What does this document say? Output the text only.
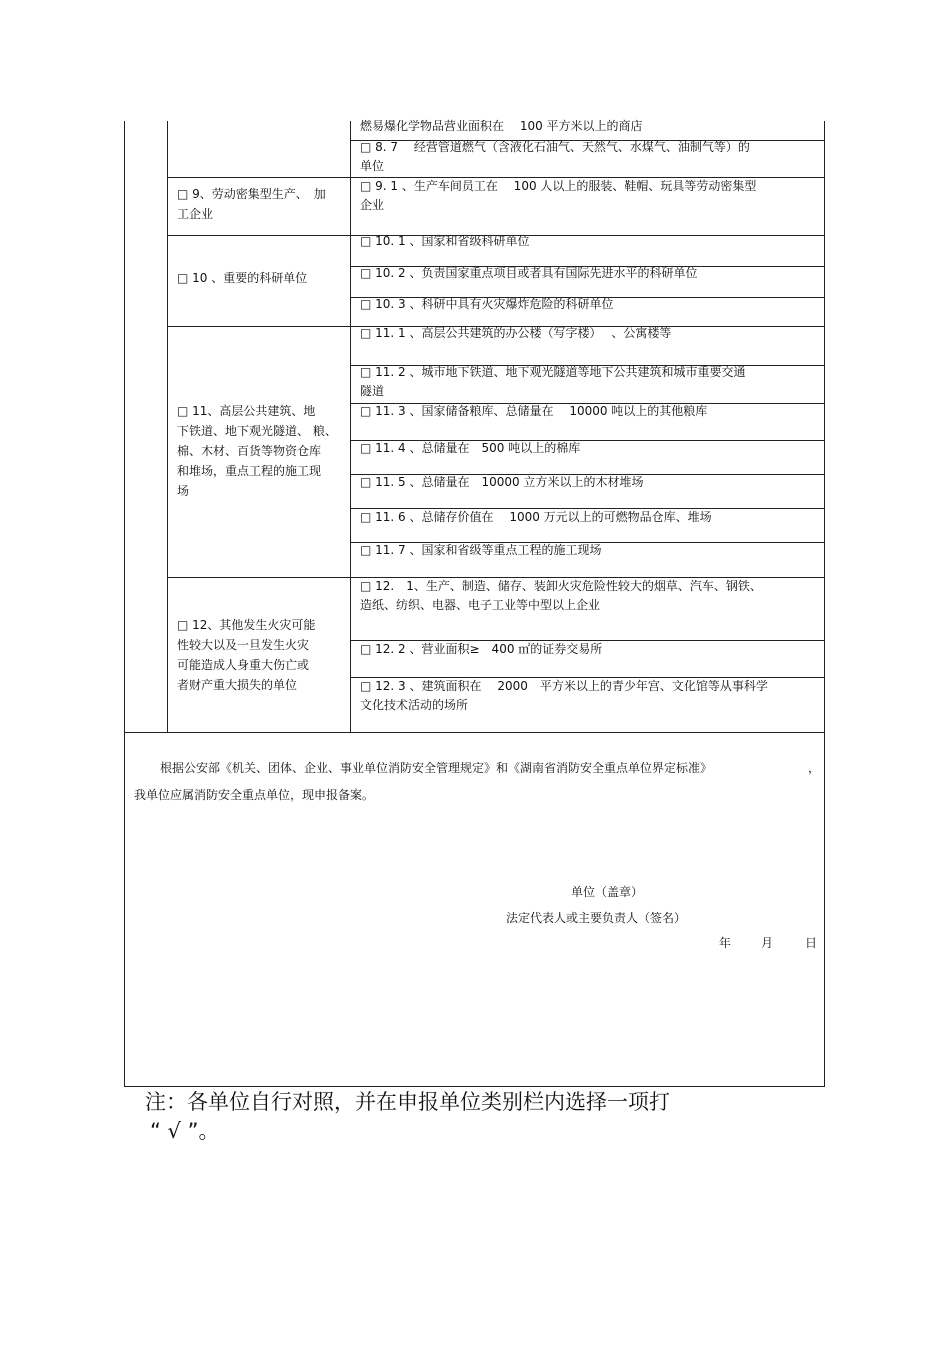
燃易爆化学物品营业面积在　 100 平方米以上的商店
□ 8. 7　 经营管道燃气（含液化石油气、天然气、水煤气、油制气等）的
单位
□ 9. 1 、生产车间员工在　 100 人以上的服装、鞋帽、玩具等劳动密集型
企业
□ 10. 1 、国家和省级科研单位
□ 10. 2 、负责国家重点项目或者具有国际先进水平的科研单位
□ 10. 3 、科研中具有火灾爆炸危险的科研单位
□ 11. 1 、高层公共建筑的办公楼（写字楼）　 、公寓楼等
□ 11. 2 、城市地下铁道、地下观光隧道等地下公共建筑和城市重要交通
隧道
□ 11. 3 、国家储备粮库、总储量在　 10000 吨以上的其他粮库
□ 11. 4 、总储量在　500 吨以上的棉库
□ 11. 5 、总储量在　10000 立方米以上的木材堆场
□ 11. 6 、总储存价值在　 1000 万元以上的可燃物品仓库、堆场
□ 11. 7 、国家和省级等重点工程的施工现场
□ 12.　1、生产、制造、储存、装卸火灾危险性较大的烟草、汽车、钢铁、
造纸、纺织、电器、电子工业等中型以上企业
□ 12. 2 、营业面积≥　400 ㎡的证券交易所
□ 12. 3 、建筑面积在　 2000　平方米以上的青少年宫、文化馆等从事科学
文化技术活动的场所
□ 9、劳动密集型生产、　加
工企业
□ 10 、重要的科研单位
□ 11、高层公共建筑、地
下铁道、地下观光隧道、 粮、
棉、木材、百货等物资仓库
和堆场，重点工程的施工现
场
□ 12、其他发生火灾可能
性较大以及一旦发生火灾
可能造成人身重大伤亡或
者财产重大损失的单位
根据公安部《机关、团体、企业、事业单位消防安全管理规定》和《湖南省消防安全重点单位界定标准》	，
我单位应属消防安全重点单位，现申报备案。
单位（盖章）
法定代表人或主要负责人（签名）
年 月	日
注：各单位自行对照，并在申报单位类别栏内选择一项打
“ √ ”。
